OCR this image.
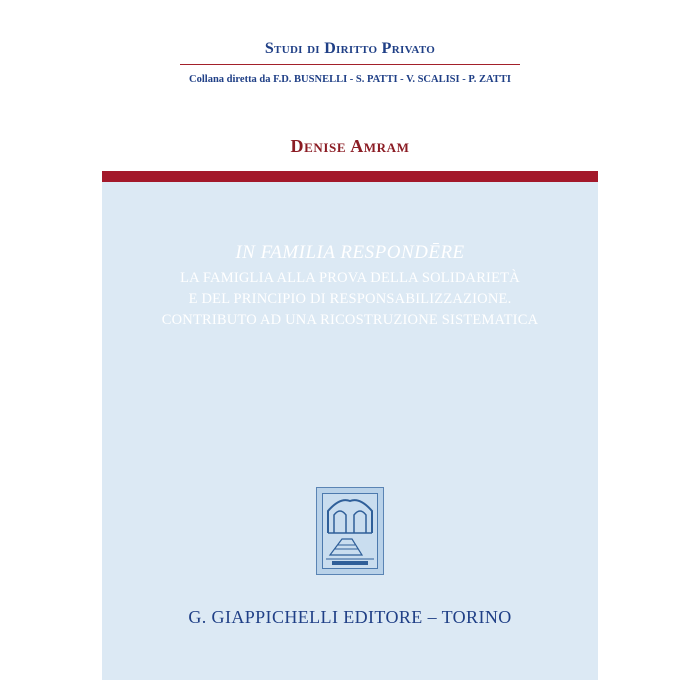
Studi di Diritto Privato
Collana diretta da F.D. BUSNELLI - S. PATTI - V. SCALISI - P. ZATTI
Denise Amram
IN FAMILIA RESPONDĒRE
LA FAMIGLIA ALLA PROVA DELLA SOLIDARIETÀ
E DEL PRINCIPIO DI RESPONSABILIZZAZIONE.
CONTRIBUTO AD UNA RICOSTRUZIONE SISTEMATICA
G. GIAPPICHELLI EDITORE – TORINO
